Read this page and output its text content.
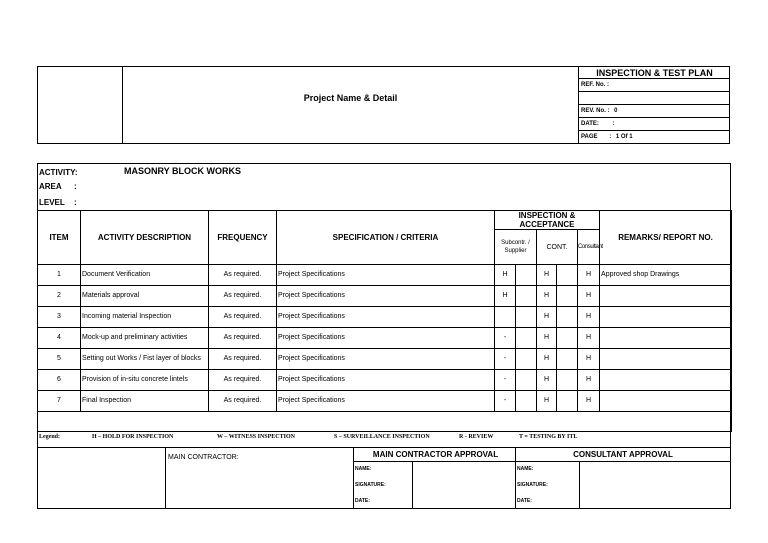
Project Name & Detail
INSPECTION & TEST PLAN
REF. No. :
REV. No. : 0
DATE: :
PAGE : 1 Of 1
ACTIVITY:	MASONRY BLOCK WORKS
AREA :
LEVEL :
ITEM	ACTIVITY DESCRIPTION	FREQUENCY	SPECIFICATION / CRITERIA	INSPECTION & ACCEPTANCE					REMARKS/ REPORT NO.
				Subcontr. / Supplier		CONT.		Consultant	
1	Document Verification	As required.	Project Specifications	H		H		H	Approved shop Drawings
2	Materials approval	As required.	Project Specifications	H		H		H	
3	Incoming material Inspection	As required.	Project Specifications			H		H	
4	Mock-up and preliminary activities	As required.	Project Specifications	-		H		H	
5	Setting out Works / Fist layer of blocks	As required.	Project Specifications	-		H		H	
6	Provision of in-situ concrete lintels	As required.	Project Specifications	-		H		H	
7	Final Inspection	As required.	Project Specifications	-		H		H	

Legend:	H – HOLD FOR INSPECTION	W – WITNESS INSPECTION	S – SURVEILLANCE INSPECTION	R - REVIEW	T = TESTING BY ITL
MAIN CONTRACTOR:	MAIN CONTRACTOR APPROVAL
NAME:
SIGNATURE:
DATE:
CONSULTANT APPROVAL
NAME:
SIGNATURE:
DATE:
